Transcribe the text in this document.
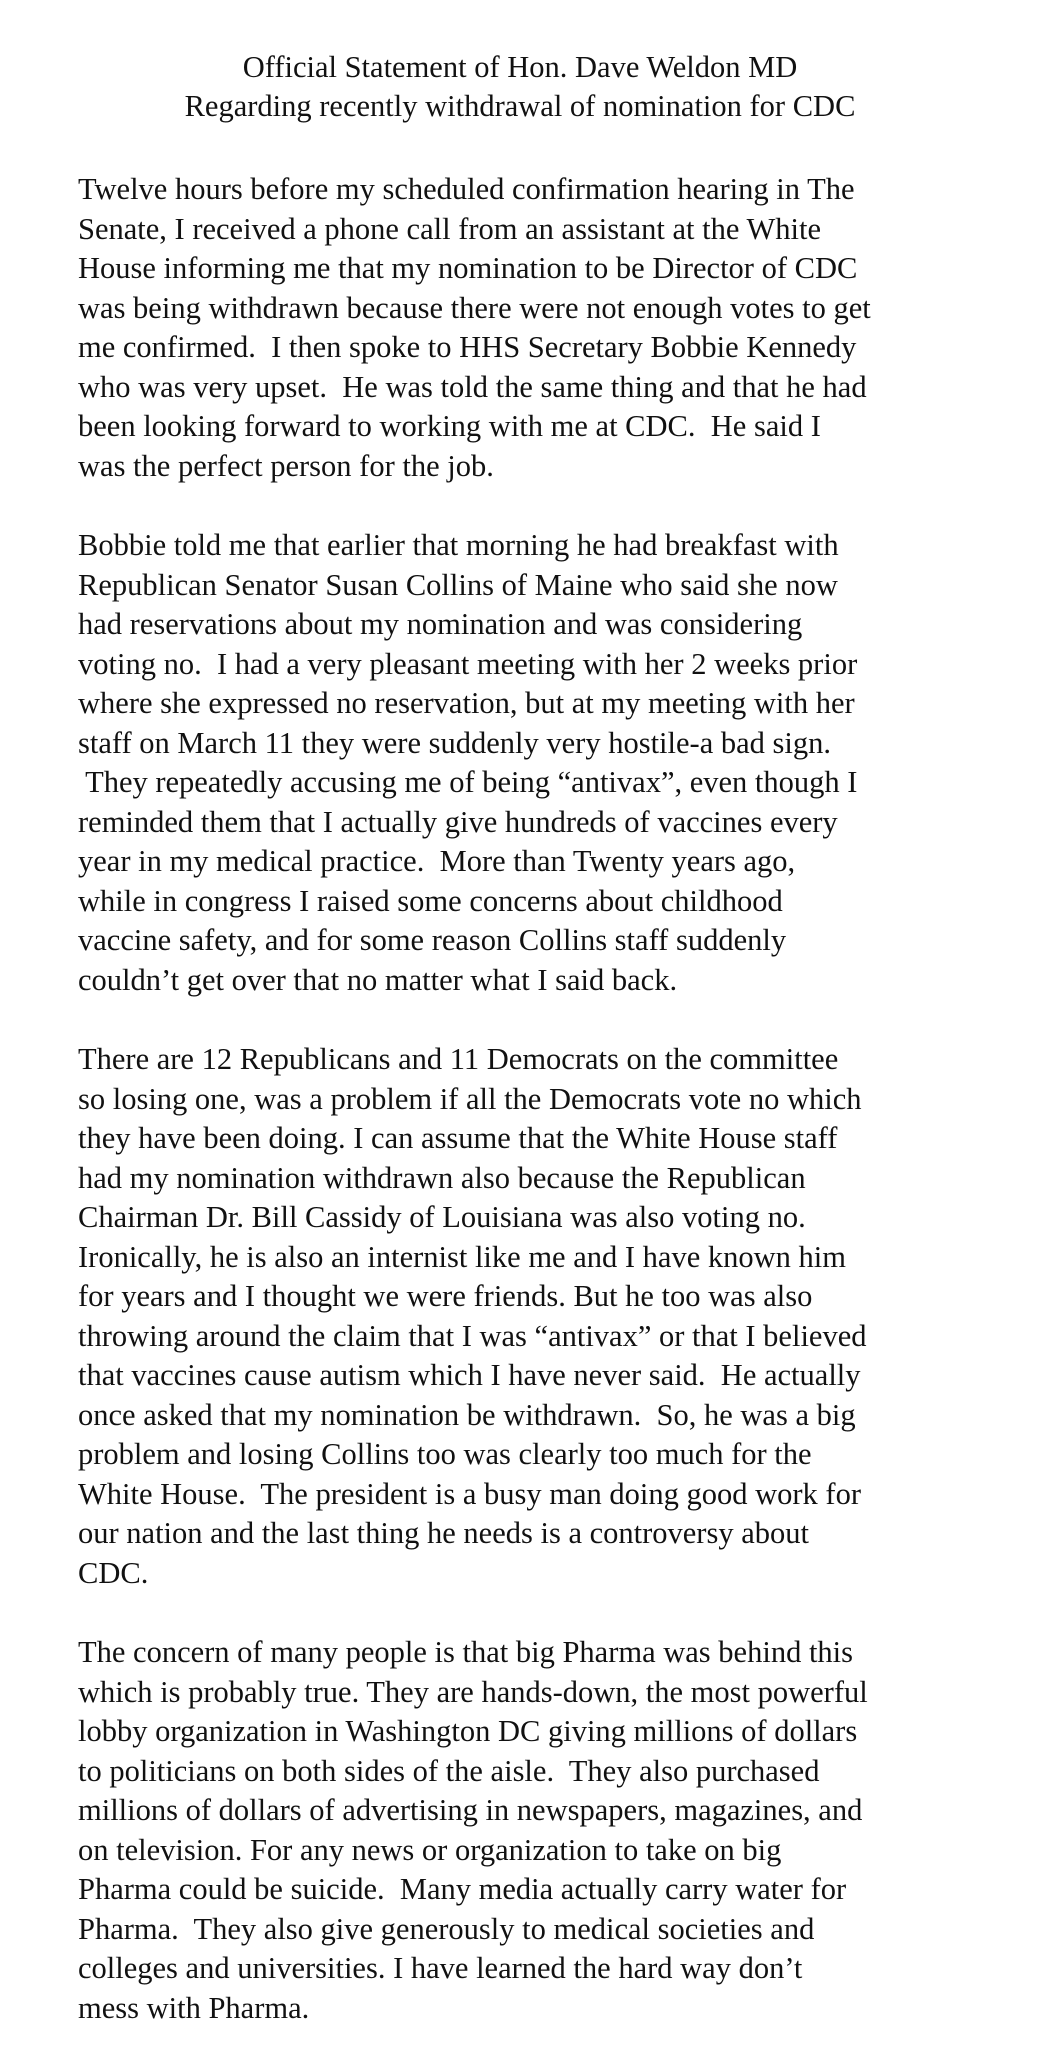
Official Statement of Hon. Dave Weldon MD
Regarding recently withdrawal of nomination for CDC
Twelve hours before my scheduled confirmation hearing in The
Senate, I received a phone call from an assistant at the White
House informing me that my nomination to be Director of CDC
was being withdrawn because there were not enough votes to get
me confirmed.  I then spoke to HHS Secretary Bobbie Kennedy
who was very upset.  He was told the same thing and that he had
been looking forward to working with me at CDC.  He said I
was the perfect person for the job.
Bobbie told me that earlier that morning he had breakfast with
Republican Senator Susan Collins of Maine who said she now
had reservations about my nomination and was considering
voting no.  I had a very pleasant meeting with her 2 weeks prior
where she expressed no reservation, but at my meeting with her
staff on March 11 they were suddenly very hostile-a bad sign.
They repeatedly accusing me of being “antivax”, even though I
reminded them that I actually give hundreds of vaccines every
year in my medical practice.  More than Twenty years ago,
while in congress I raised some concerns about childhood
vaccine safety, and for some reason Collins staff suddenly
couldn’t get over that no matter what I said back.
There are 12 Republicans and 11 Democrats on the committee
so losing one, was a problem if all the Democrats vote no which
they have been doing. I can assume that the White House staff
had my nomination withdrawn also because the Republican
Chairman Dr. Bill Cassidy of Louisiana was also voting no.
Ironically, he is also an internist like me and I have known him
for years and I thought we were friends. But he too was also
throwing around the claim that I was “antivax” or that I believed
that vaccines cause autism which I have never said.  He actually
once asked that my nomination be withdrawn.  So, he was a big
problem and losing Collins too was clearly too much for the
White House.  The president is a busy man doing good work for
our nation and the last thing he needs is a controversy about
CDC.
The concern of many people is that big Pharma was behind this
which is probably true. They are hands-down, the most powerful
lobby organization in Washington DC giving millions of dollars
to politicians on both sides of the aisle.  They also purchased
millions of dollars of advertising in newspapers, magazines, and
on television. For any news or organization to take on big
Pharma could be suicide.  Many media actually carry water for
Pharma.  They also give generously to medical societies and
colleges and universities. I have learned the hard way don’t
mess with Pharma.
